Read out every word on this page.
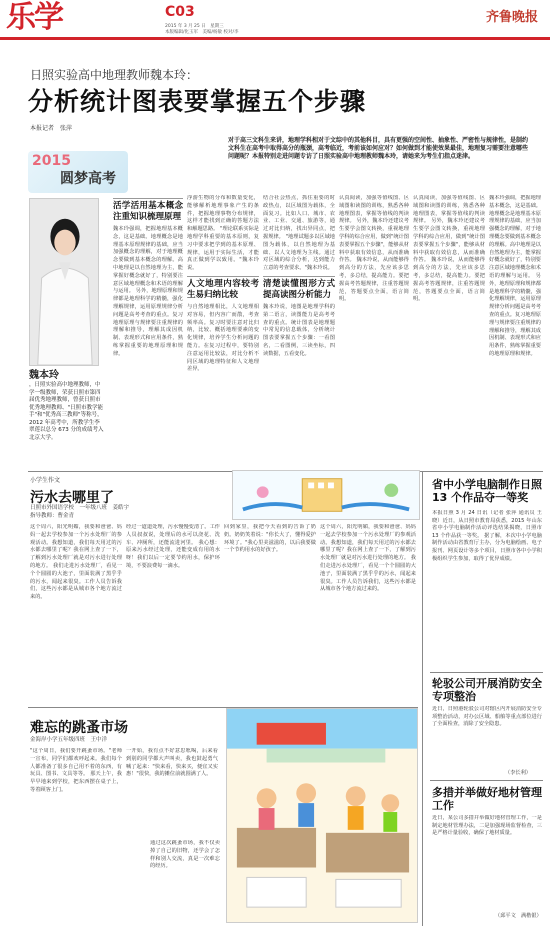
乐学	C03
2015 年 3 月 25 日　星期三
本版编辑/化玉军　美编/杨敏 校对/李
齐鲁晚报
日照实验高中地理教师魏本玲：
分析统计图表要掌握五个步骤
本报记者　张萍
对于高三文科生来讲，地理学科相对于文综中的其他科目，具有更强的空间性、抽象性、严密性与规律性，是制约文科生在高考中取得高分的瓶颈，高考临近，考前该如何应对？如何做到才能使效果最佳，地理复习需要注意哪些问题呢？本报特别走进问题专访了日照实验高中地理教师魏本玲，请她来为考生们指点迷津。
2015
圆梦高考
魏本玲
，日照实验高中地理教师，中学一级教师，荣获日照市第四届优秀地理教师，曾获日照市优秀地理教师、"日照市教学能手"和"优秀高三教师"等称号，2012 年高考中，所教学生李翠莲以总分 673 分的成绩考入北京大学。
活学活用基本概念注重知识梳理原理

魏本玲强调，把握地理基本概念，这是基础。地理概念是地理基本原理规律的基础，应当加强概念的理解，对于地理概念要做到基本概念的理解。高中地理是以自然地理为主，能掌握好概念就好了，特别要注意区域地理概念和术语的理解与运用。 另外，地理原理和规律都是地理科学的精髓，强化理解规律，运用原理规律分析问题是高考考查的重点。复习地理原理与规律要注重规律的理解和推导，理解其成因机制、表现形式和应用条件，熟练掌握重要的地理原理和规律。

浮游生物的分布和数量变化，能够解析地理事象产生的条件，把握地理事物分布规律，这样才能找到正确的答题方法和解题思路。 "理论联系实际是地理学科重要的基本原则，复习中要求把学到的基本原理、规律，运用于实际生活，才能真正做到学以致用。"魏本玲说。

人文地理内容较考生易归纳比较

与自然地理相比，人文地理相对容易，但内容广而散，考查频率高。复习时要注意对比归纳，比较、概括地理要素的变化规律，培养学生分析问题的能力。在复习过程中，要特别注意运用比较法，对比分析不同区域的地理特征和人文地理差异。

结合社会热点，抓住重要的时政热点，以区域图为载体，全面复习。比如人口、城市、农业、工业、交通、旅游等，通过对比归纳，找出异同点，把握规律。 "地理试题多以区域地图为载体，以自然地理为基础、以人文地理为主线。通过对区域的综合分析，达到能力立意的考查要求。"魏本玲说。

清楚读懂图形方式提高读图分析能力

魏本玲说，地图是地理学科的第二语言，读图能力是高考考查的重点。统计图表是地理题中常见的信息载体，分析统计图表要掌握五个步骤：一看图名，二看图例，三读坐标，四读数据，五看变化。

认真阅读，加强等值线图、区域图和读图的训练，熟悉各种地理图表，掌握等值线的判读规律。 另外，魏本玲还建议考生要学会图文转换，重视地理学科的综合应用，做到"统计图表要掌握五个步骤"，能够从材料中获取有效信息，从而准确作答。 魏本玲说，从而能够得到高分的方法，先应该多思考，多总结，提高能力。要把握高考答题规律，注重答题规范，答题要点全面，语言简明。

认真阅读，加强等值线图、区域图和读图的训练，熟悉各种地理图表，掌握等值线的判读规律。 另外，魏本玲还建议考生要学会图文转换，重视地理学科的综合应用，做到"统计图表要掌握五个步骤"，能够从材料中获取有效信息，从而准确作答。 魏本玲说，从而能够得到高分的方法，先应该多思考，多总结，提高能力。要把握高考答题规律，注重答题规范，答题要点全面，语言简明。

魏本玲强调，把握地理基本概念，这是基础。地理概念是地理基本原理规律的基础，应当加强概念的理解，对于地理概念要做到基本概念的理解。高中地理是以自然地理为主，能掌握好概念就好了，特别要注意区域地理概念和术语的理解与运用。 另外，地理原理和规律都是地理科学的精髓，强化理解规律，运用原理规律分析问题是高考考查的重点。复习地理原理与规律要注重规律的理解和推导，理解其成因机制、表现形式和应用条件，熟练掌握重要的地理原理和规律。

小学生作文
污水去哪里了
日照市外国语学校　一年级八班　姜皓宇
指导教师：曹金青

这个周六，阳光明媚，我要和爸爸、妈妈一起去学校参加一个污水处理厂的参观活动。我想知道，我们每天用过的污水都去哪里了呢？我在网上查了一下，了解到污水处理厂就是对污水进行处理的地方。 我们走进污水处理厂，看见一个个圆圆的大池子，里面装满了黑乎乎的污水，闻起来很臭。工作人员告诉我们，这些污水都是从城市各个地方流过来的。

经过一道道处理，污水慢慢变清了。工作人员叔叔说，处理后的水可以浇花、洗车、冲厕所，还能流进河里。 我心想：原来污水经过处理，还能变成有用的水呀！我们以后一定要节约用水，保护环境，不要浪费每一滴水。

回到家里，我把今天看到的告诉了奶奶。奶奶笑着说："你长大了，懂得爱护环境了。"我心里美滋滋的，以后我要做一个节约用水的好孩子。

这个周六，阳光明媚，我要和爸爸、妈妈一起去学校参加一个污水处理厂的参观活动。我想知道，我们每天用过的污水都去哪里了呢？我在网上查了一下，了解到污水处理厂就是对污水进行处理的地方。 我们走进污水处理厂，看见一个个圆圆的大池子，里面装满了黑乎乎的污水，闻起来很臭。工作人员告诉我们，这些污水都是从城市各个地方流过来的。

难忘的跳蚤市场
金海岸小学五年级四班　王中洋

"这个周日，我们要开跳蚤市场。"老师一宣布，同学们都欢呼起来。我们每个人都准备了很多自己用不着的东西，有玩具、图书、文具等等。 那天上午，我早早地来到学校，把东西摆在桌子上，等着顾客上门。

一开始，我有点不好意思吆喝，后来看到别的同学都大声叫卖，我也鼓起勇气喊了起来："快来看，快来买，便宜又实惠！"很快，我的摊位前就围满了人。

通过这次跳蚤市场，我不仅卖掉了自己的旧物，还学会了怎样和别人交流，真是一次难忘的经历。

省中小学电脑制作日照 13 个作品夺一等奖
本报日照 3 月 24 日讯（记者 张萍 通讯员 王晓）近日，从日照市教育局获悉，2015 年山东省中小学电脑制作活动评选结果揭晓，日照市 13 个作品获一等奖。 据了解，本次中小学电脑制作活动由省教育厅主办，分为电脑绘画、电子报刊、网页设计等多个项目，日照市各中小学积极组织学生参加，取得了优异成绩。
轮驳公司开展消防安全专项整治
近日，日照港轮驳公司对辖区内开展消防安全专项整治活动，对办公区域、船舶等重点部位进行了全面检查，消除了安全隐患。
（李长利）
多措并举做好地材管理工作
近日，某公司多措并举做好地材管理工作，一是制定地材管理办法，二是加强现场监督检查，三是严格计量验收，确保了地材质量。
（邱平文　满楷银）
